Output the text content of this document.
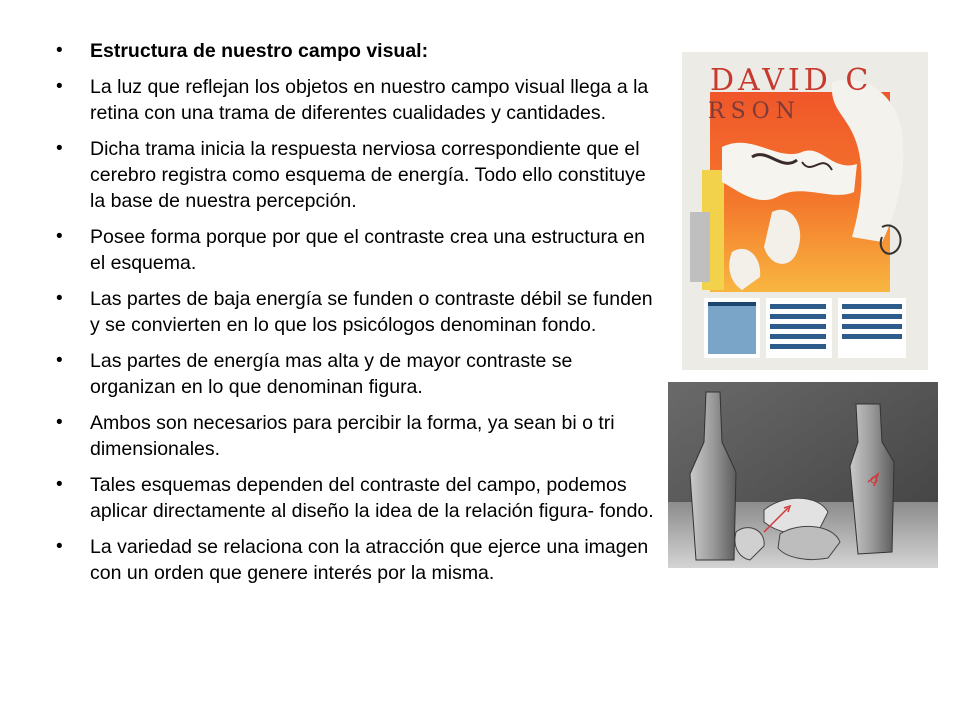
• Estructura de nuestro campo visual:
• La luz que reflejan los objetos en nuestro campo visual llega a la retina con una trama de diferentes cualidades y cantidades.
• Dicha trama inicia la respuesta nerviosa correspondiente que el cerebro registra como esquema de energía. Todo ello constituye la base de nuestra percepción.
• Posee forma porque por que el contraste crea una estructura en el esquema.
• Las partes de baja energía se funden o contraste débil se funden y se convierten en lo que los psicólogos denominan fondo.
• Las partes de energía mas alta y de mayor contraste se organizan en lo que denominan figura.
• Ambos son necesarios para percibir la forma, ya sean bi o tri dimensionales.
• Tales esquemas dependen del contraste del campo, podemos aplicar directamente al diseño la idea de la relación figura- fondo.
• La variedad se relaciona con la atracción que ejerce una imagen con un orden que genere interés por la misma.
DAVID C
RSON
